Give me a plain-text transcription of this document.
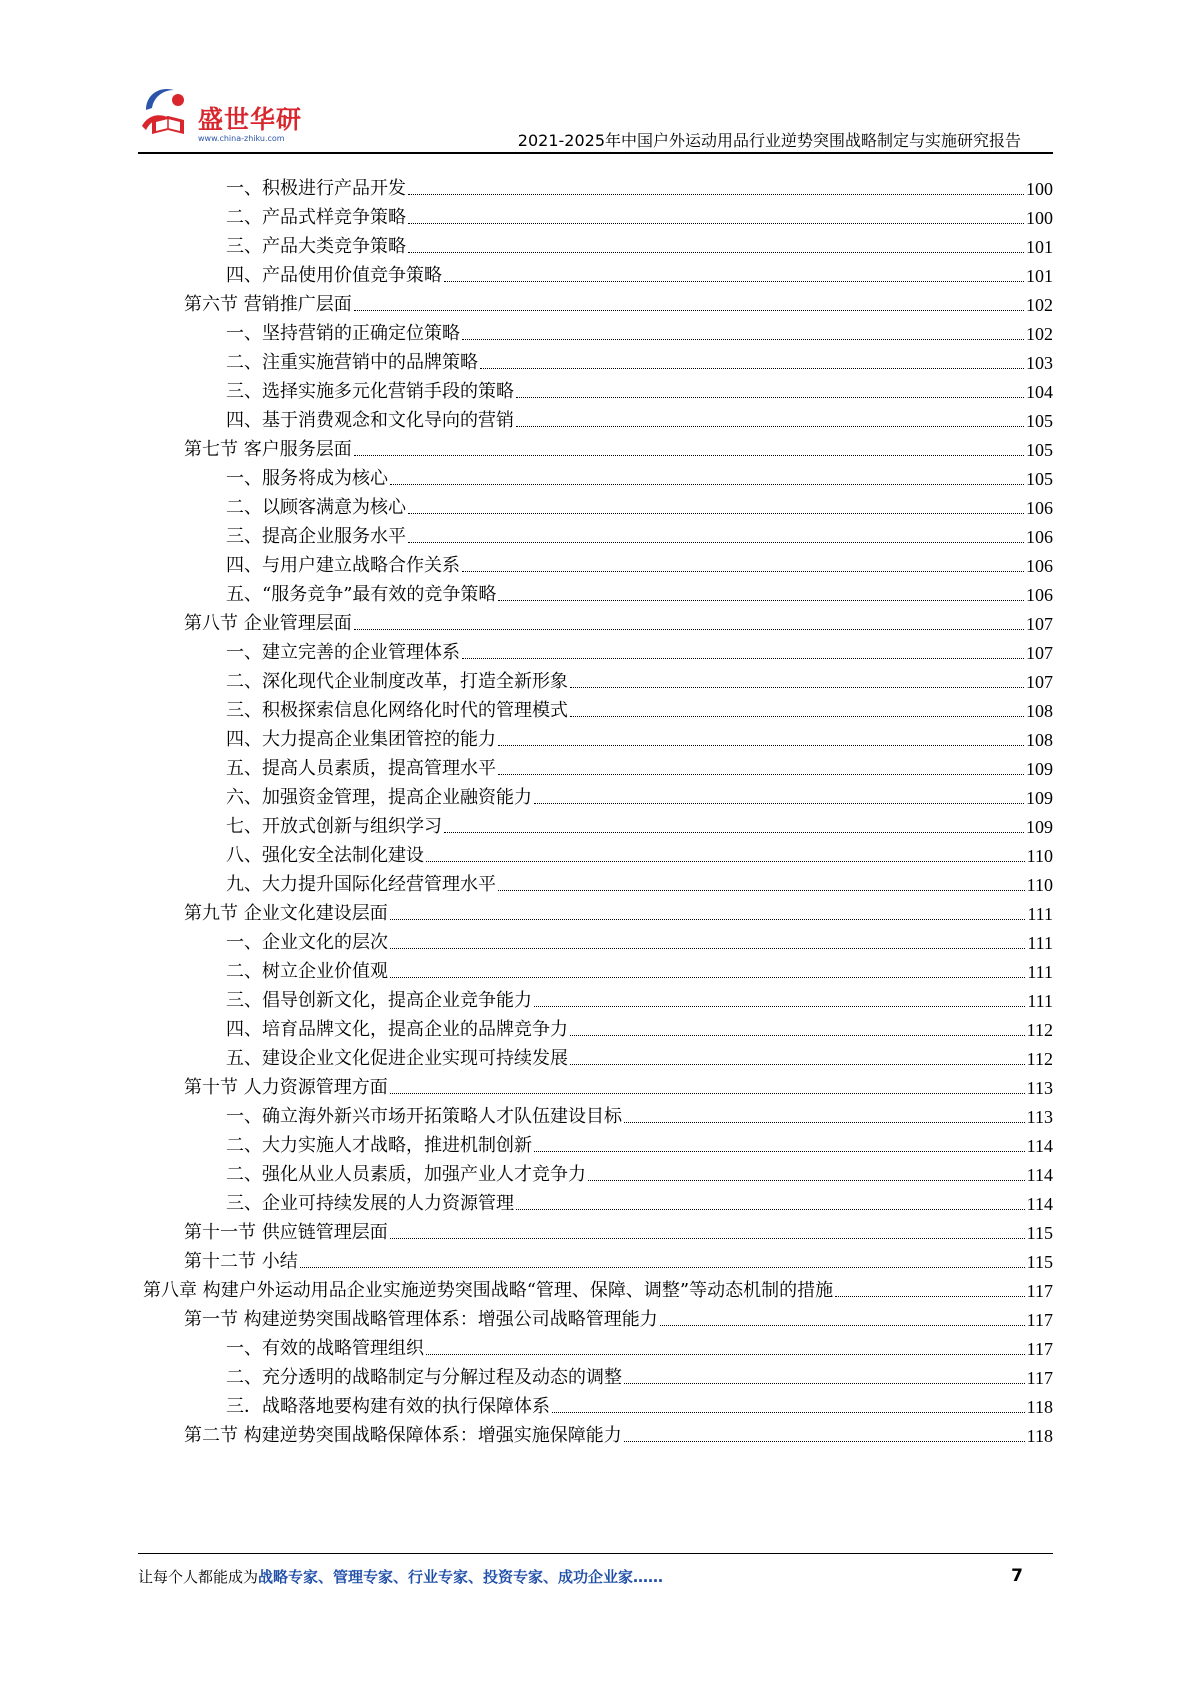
盛世华研
www.china-zhiku.com	2021-2025年中国户外运动用品行业逆势突围战略制定与实施研究报告
一、积极进行产品开发	100
二、产品式样竞争策略	100
三、产品大类竞争策略	101
四、产品使用价值竞争策略	101
第六节 营销推广层面	102
一、坚持营销的正确定位策略	102
二、注重实施营销中的品牌策略	103
三、选择实施多元化营销手段的策略	104
四、基于消费观念和文化导向的营销	105
第七节 客户服务层面	105
一、服务将成为核心	105
二、以顾客满意为核心	106
三、提高企业服务水平	106
四、与用户建立战略合作关系	106
五、“服务竞争”最有效的竞争策略	106
第八节 企业管理层面	107
一、建立完善的企业管理体系	107
二、深化现代企业制度改革，打造全新形象	107
三、积极探索信息化网络化时代的管理模式	108
四、大力提高企业集团管控的能力	108
五、提高人员素质，提高管理水平	109
六、加强资金管理，提高企业融资能力	109
七、开放式创新与组织学习	109
八、强化安全法制化建设	110
九、大力提升国际化经营管理水平	110
第九节 企业文化建设层面	111
一、企业文化的层次	111
二、树立企业价值观	111
三、倡导创新文化，提高企业竞争能力	111
四、培育品牌文化，提高企业的品牌竞争力	112
五、建设企业文化促进企业实现可持续发展	112
第十节 人力资源管理方面	113
一、确立海外新兴市场开拓策略人才队伍建设目标	113
二、大力实施人才战略，推进机制创新	114
二、强化从业人员素质，加强产业人才竞争力	114
三、企业可持续发展的人力资源管理	114
第十一节 供应链管理层面	115
第十二节 小结	115
第八章 构建户外运动用品企业实施逆势突围战略“管理、保障、调整”等动态机制的措施	117
第一节 构建逆势突围战略管理体系：增强公司战略管理能力	117
一、有效的战略管理组织	117
二、充分透明的战略制定与分解过程及动态的调整	117
三．战略落地要构建有效的执行保障体系	118
第二节 构建逆势突围战略保障体系：增强实施保障能力	118
让每个人都能成为战略专家、管理专家、行业专家、投资专家、成功企业家……	7
